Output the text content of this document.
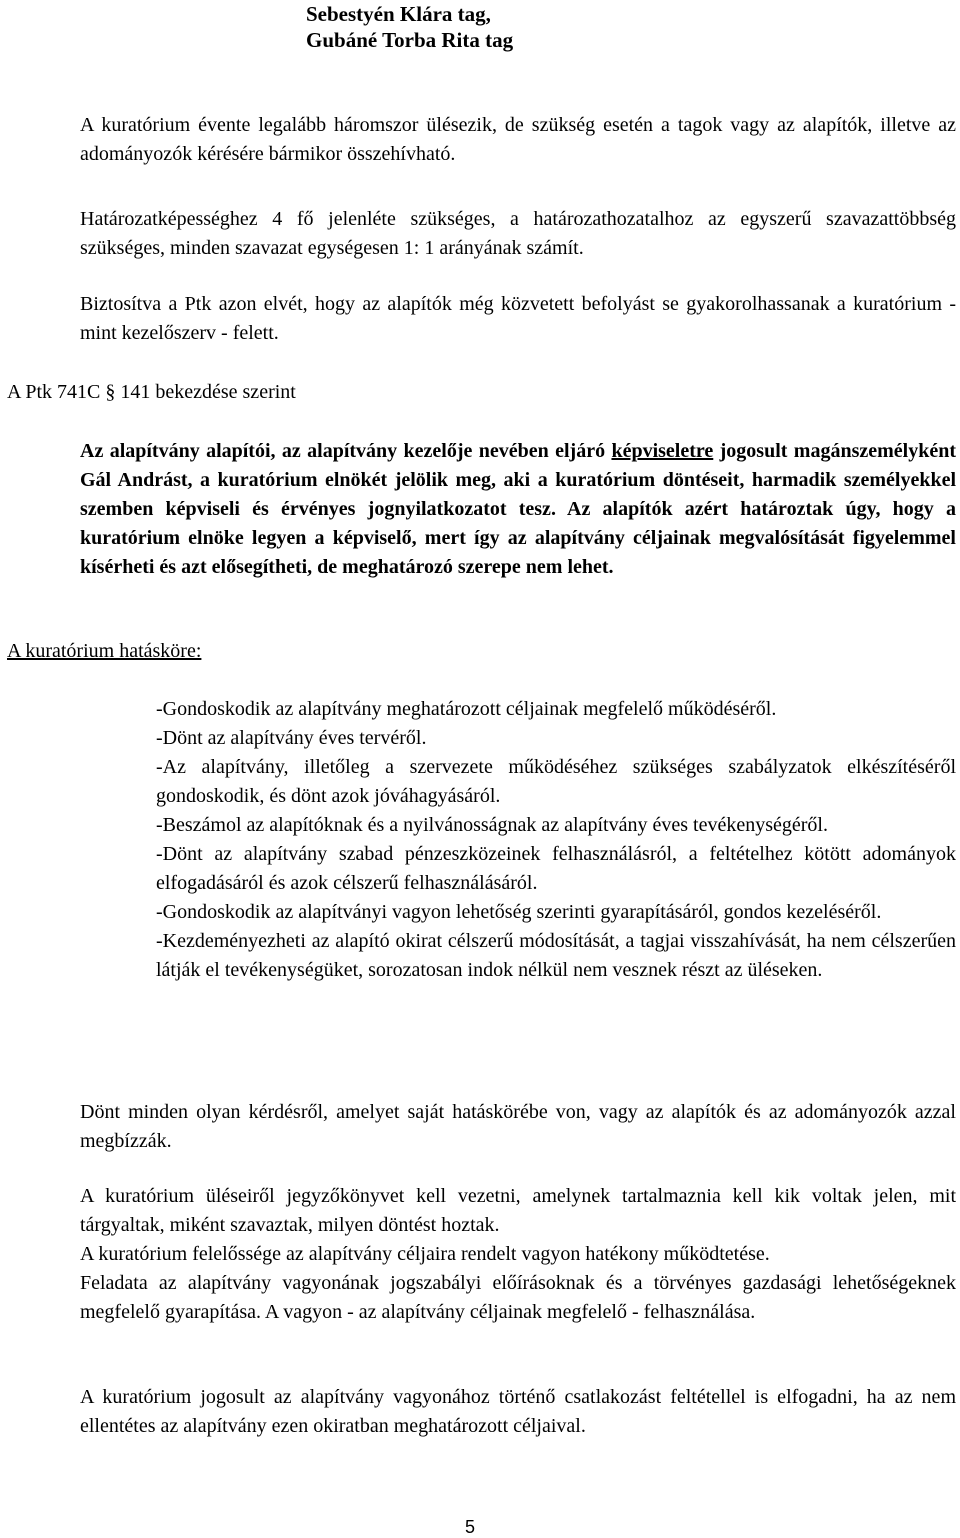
Sebestyén Klára tag,
Gubáné Torba Rita tag

A kuratórium évente legalább háromszor ülésezik, de szükség esetén a tagok vagy az alapítók, illetve az adományozók kérésére bármikor összehívható.

Határozatképességhez 4 fő jelenléte szükséges, a határozathozatalhoz az egyszerű szavazattöbbség szükséges, minden szavazat egységesen 1: 1 arányának számít.

Biztosítva a Ptk azon elvét, hogy az alapítók még közvetett befolyást se gyakorolhassanak a kuratórium - mint kezelőszerv - felett.

A Ptk 741C § 141 bekezdése szerint

Az alapítvány alapítói, az alapítvány kezelője nevében eljáró képviseletre jogosult magánszemélyként Gál Andrást, a kuratórium elnökét jelölik meg, aki a kuratórium döntéseit, harmadik személyekkel szemben képviseli és érvényes jognyilatkozatot tesz. Az alapítók azért határoztak úgy, hogy a kuratórium elnöke legyen a képviselő, mert így az alapítvány céljainak megvalósítását figyelemmel kísérheti és azt elősegítheti, de meghatározó szerepe nem lehet.

A kuratórium hatásköre:

-Gondoskodik az alapítvány meghatározott céljainak megfelelő működéséről.

-Dönt az alapítvány éves tervéről.

-Az alapítvány, illetőleg a szervezete működéséhez szükséges szabályzatok elkészítéséről gondoskodik, és dönt azok jóváhagyásáról.

-Beszámol az alapítóknak és a nyilvánosságnak az alapítvány éves tevékenységéről.

-Dönt az alapítvány szabad pénzeszközeinek felhasználásról, a feltételhez kötött adományok elfogadásáról és azok célszerű felhasználásáról.

-Gondoskodik az alapítványi vagyon lehetőség szerinti gyarapításáról, gondos kezeléséről.

-Kezdeményezheti az alapító okirat célszerű módosítását, a tagjai visszahívását, ha nem célszerűen látják el tevékenységüket, sorozatosan indok nélkül nem vesznek részt az üléseken.

Dönt minden olyan kérdésről, amelyet saját hatáskörébe von, vagy az alapítók és az adományozók azzal megbízzák.

A kuratórium üléseiről jegyzőkönyvet kell vezetni, amelynek tartalmaznia kell kik voltak jelen, mit tárgyaltak, miként szavaztak, milyen döntést hoztak.

A kuratórium felelőssége az alapítvány céljaira rendelt vagyon hatékony működtetése.

Feladata az alapítvány vagyonának jogszabályi előírásoknak és a törvényes gazdasági lehetőségeknek megfelelő gyarapítása. A vagyon - az alapítvány céljainak megfelelő - felhasználása.

A kuratórium jogosult az alapítvány vagyonához történő csatlakozást feltétellel is elfogadni, ha az nem ellentétes az alapítvány ezen okiratban meghatározott céljaival.

5
